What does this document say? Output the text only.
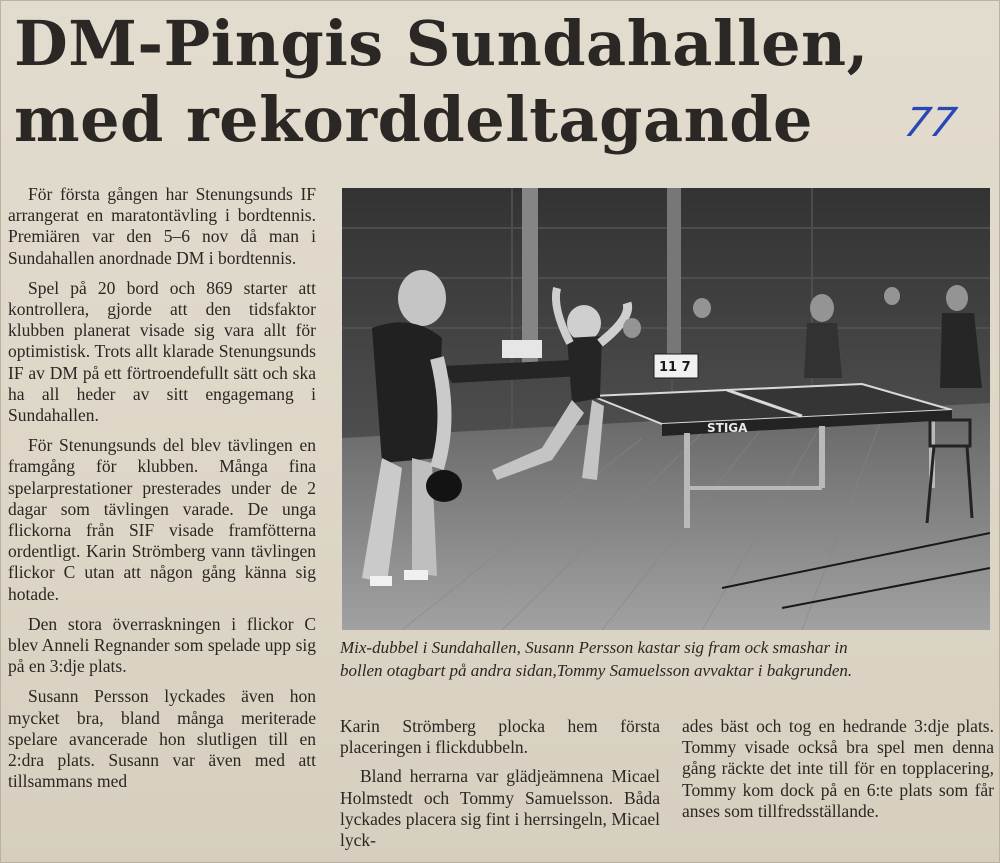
DM-Pingis Sundahallen,
med rekorddeltagande	77

För första gången har Stenungsunds IF arrangerat en maratontävling i bordtennis. Premiären var den 5–6 nov då man i Sundahallen anordnade DM i bordtennis.

Spel på 20 bord och 869 starter att kontrollera, gjorde att den tidsfaktor klubben planerat visade sig vara allt för optimistisk. Trots allt klarade Stenungsunds IF av DM på ett förtroendefullt sätt och ska ha all heder av sitt engagemang i Sundahallen.

För Stenungsunds del blev tävlingen en framgång för klubben. Många fina spelarprestationer presterades under de 2 dagar som tävlingen varade. De unga flickorna från SIF visade framfötterna ordentligt. Karin Strömberg vann tävlingen flickor C utan att någon gång känna sig hotade.

Den stora överraskningen i flickor C blev Anneli Regnander som spelade upp sig på en 3:dje plats.

Susann Persson lyckades även hon mycket bra, bland många meriterade spelare avancerade hon slutligen till en 2:dra plats. Susann var även med att tillsammans med

STIGA
11 7
Mix-dubbel i Sundahallen, Susann Persson kastar sig fram ock smashar in
bollen otagbart på andra sidan,Tommy Samuelsson avvaktar i bakgrunden.

Karin Strömberg plocka hem första placeringen i flickdubbeln.

Bland herrarna var glädjeämnena Micael Holmstedt och Tommy Samuelsson. Båda lyckades placera sig fint i herrsingeln, Micael lyck-

ades bäst och tog en hedrande 3:dje plats. Tommy visade också bra spel men denna gång räckte det inte till för en topplacering, Tommy kom dock på en 6:te plats som får anses som tillfredsställande.
